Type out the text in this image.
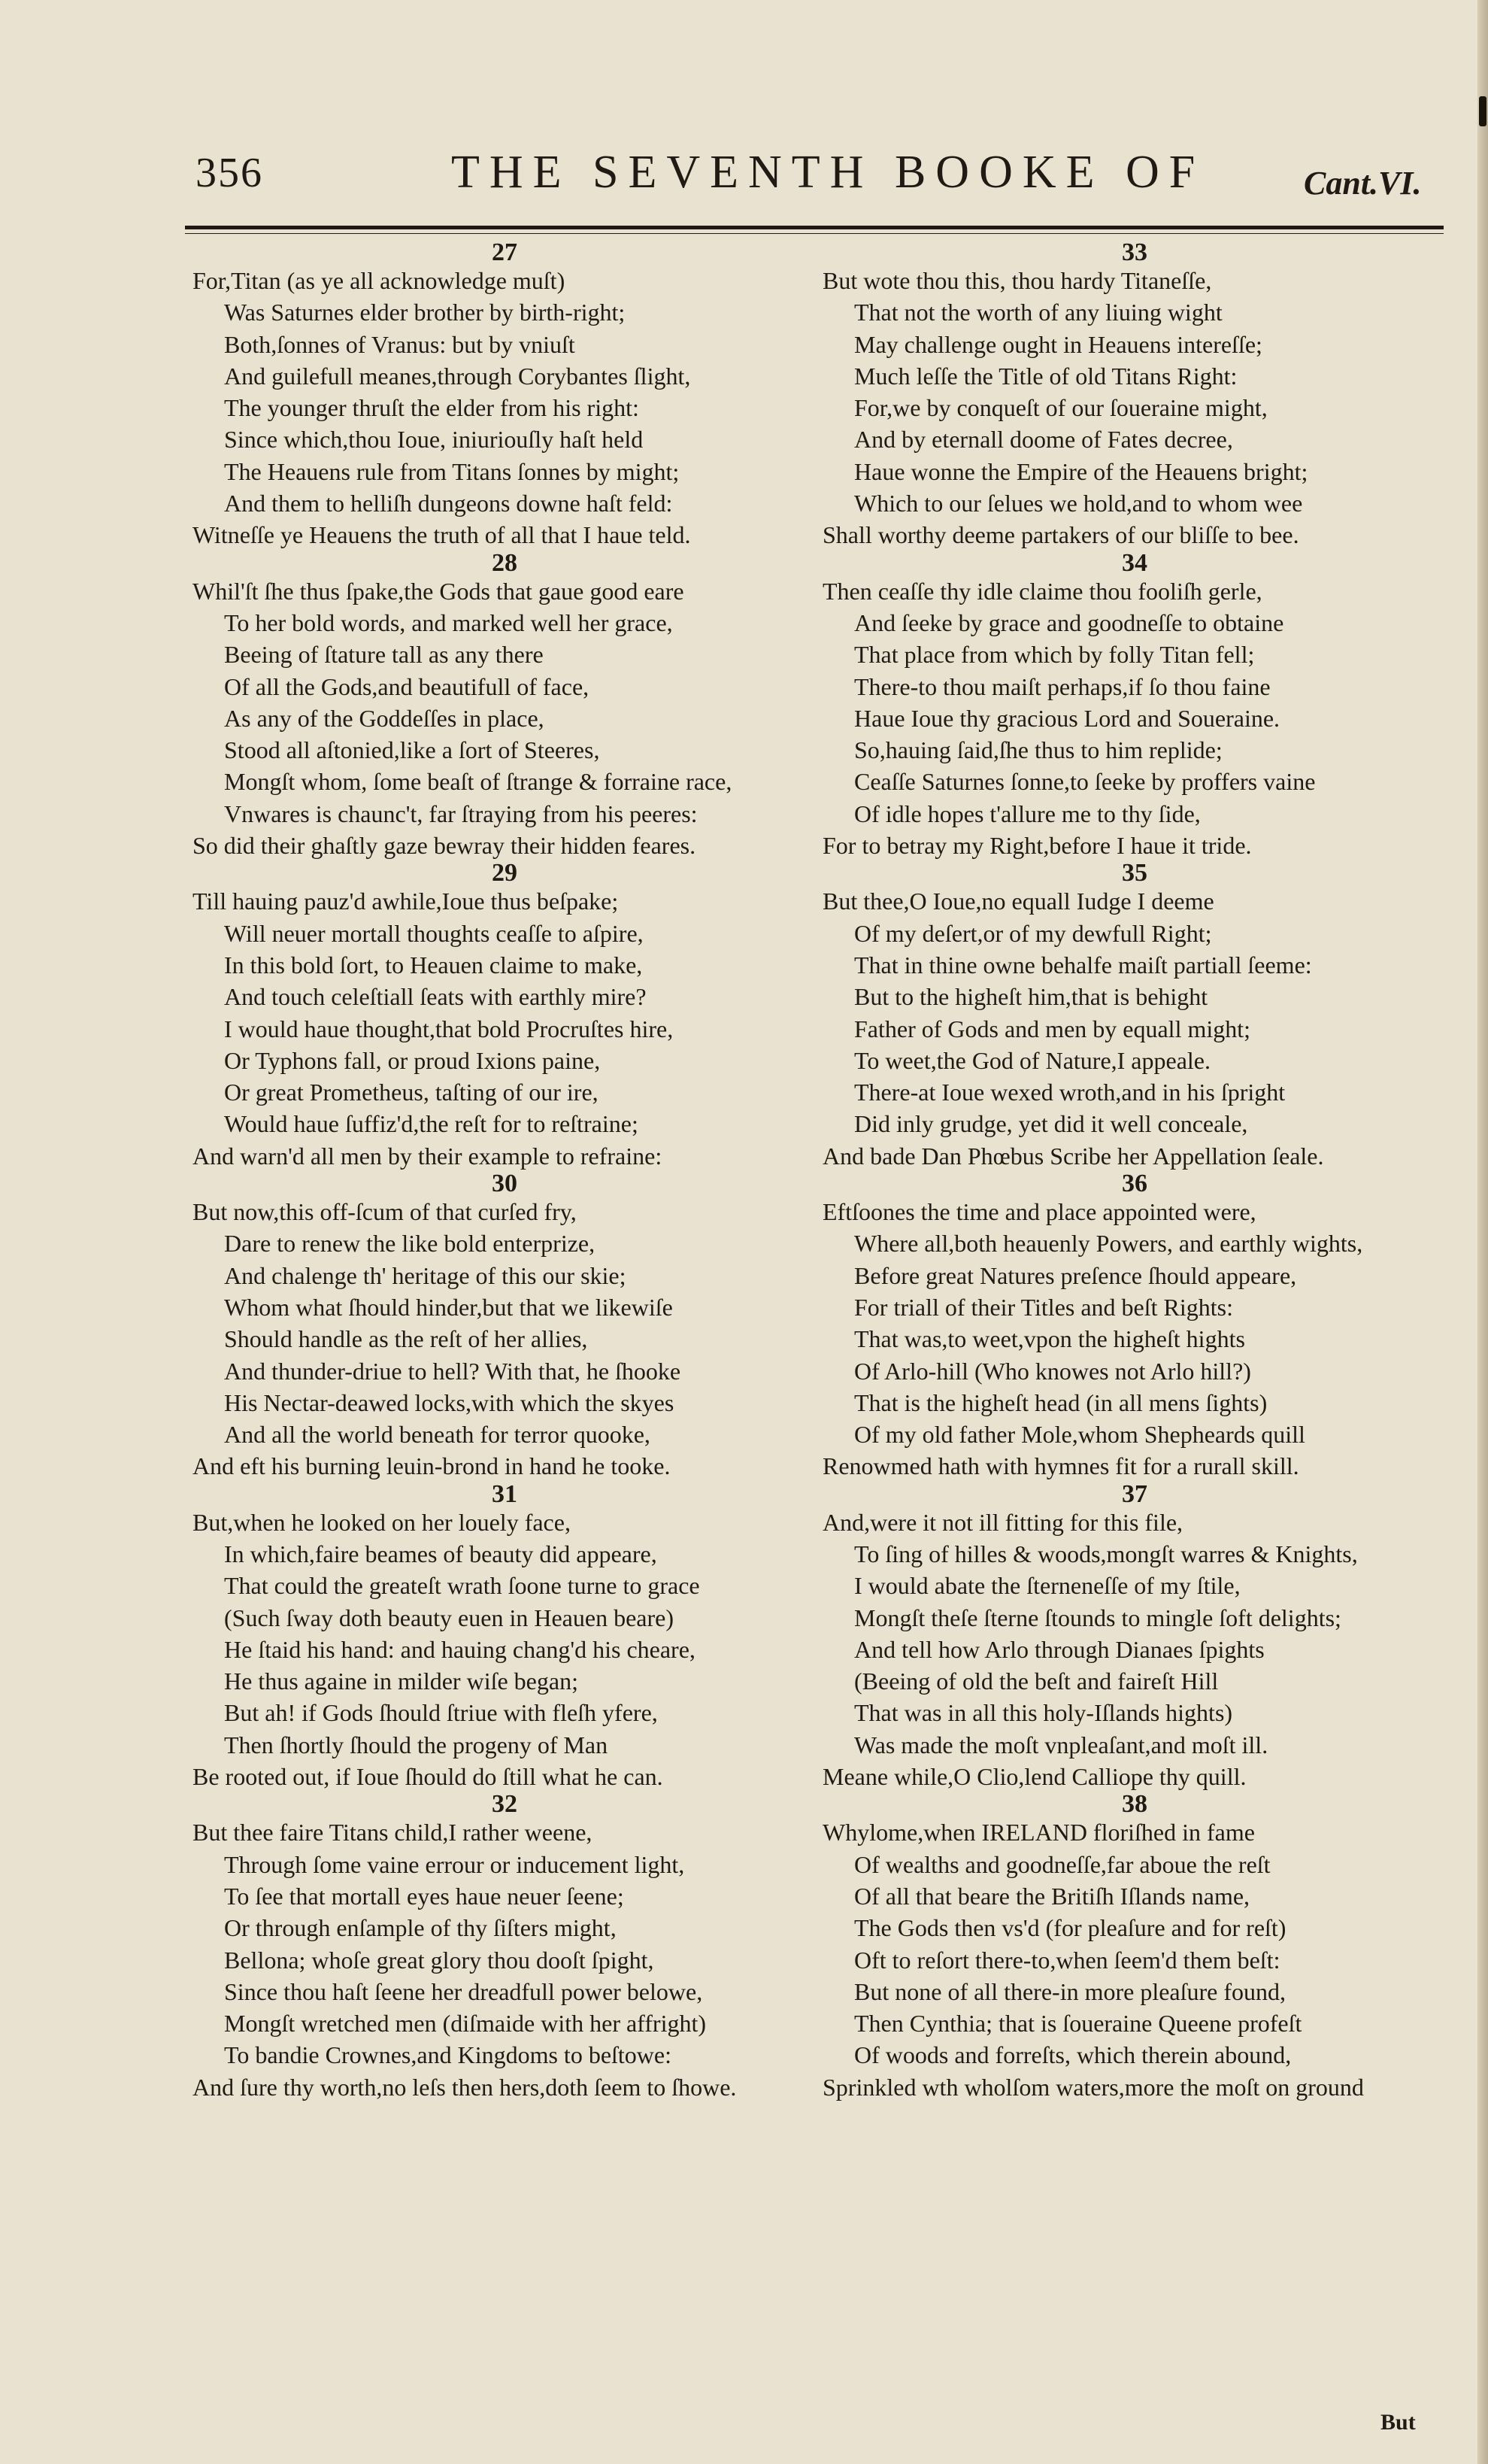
356	THE SEVENTH BOOKE OF	Cant.VI.
27
For,Titan (as ye all acknowledge muſt)
Was Saturnes elder brother by birth-right;
Both,ſonnes of Vranus: but by vniuſt
And guilefull meanes,through Corybantes ſlight,
The younger thruſt the elder from his right:
Since which,thou Ioue, iniuriouſly haſt held
The Heauens rule from Titans ſonnes by might;
And them to helliſh dungeons downe haſt feld:
Witneſſe ye Heauens the truth of all that I haue teld.
28
Whil'ſt ſhe thus ſpake,the Gods that gaue good eare
To her bold words, and marked well her grace,
Beeing of ſtature tall as any there
Of all the Gods,and beautifull of face,
As any of the Goddeſſes in place,
Stood all aſtonied,like a ſort of Steeres,
Mongſt whom, ſome beaſt of ſtrange & forraine race,
Vnwares is chaunc't, far ſtraying from his peeres:
So did their ghaſtly gaze bewray their hidden feares.
29
Till hauing pauz'd awhile,Ioue thus beſpake;
Will neuer mortall thoughts ceaſſe to aſpire,
In this bold ſort, to Heauen claime to make,
And touch celeſtiall ſeats with earthly mire?
I would haue thought,that bold Procruſtes hire,
Or Typhons fall, or proud Ixions paine,
Or great Prometheus, taſting of our ire,
Would haue ſuffiz'd,the reſt for to reſtraine;
And warn'd all men by their example to refraine:
30
But now,this off-ſcum of that curſed fry,
Dare to renew the like bold enterprize,
And chalenge th' heritage of this our skie;
Whom what ſhould hinder,but that we likewiſe
Should handle as the reſt of her allies,
And thunder-driue to hell? With that, he ſhooke
His Nectar-deawed locks,with which the skyes
And all the world beneath for terror quooke,
And eft his burning leuin-brond in hand he tooke.
31
But,when he looked on her louely face,
In which,faire beames of beauty did appeare,
That could the greateſt wrath ſoone turne to grace
(Such ſway doth beauty euen in Heauen beare)
He ſtaid his hand: and hauing chang'd his cheare,
He thus againe in milder wiſe began;
But ah! if Gods ſhould ſtriue with fleſh yfere,
Then ſhortly ſhould the progeny of Man
Be rooted out, if Ioue ſhould do ſtill what he can.
32
But thee faire Titans child,I rather weene,
Through ſome vaine errour or inducement light,
To ſee that mortall eyes haue neuer ſeene;
Or through enſample of thy ſiſters might,
Bellona; whoſe great glory thou dooſt ſpight,
Since thou haſt ſeene her dreadfull power belowe,
Mongſt wretched men (diſmaide with her affright)
To bandie Crownes,and Kingdoms to beſtowe:
And ſure thy worth,no leſs then hers,doth ſeem to ſhowe.
33
But wote thou this, thou hardy Titaneſſe,
That not the worth of any liuing wight
May challenge ought in Heauens intereſſe;
Much leſſe the Title of old Titans Right:
For,we by conqueſt of our ſoueraine might,
And by eternall doome of Fates decree,
Haue wonne the Empire of the Heauens bright;
Which to our ſelues we hold,and to whom wee
Shall worthy deeme partakers of our bliſſe to bee.
34
Then ceaſſe thy idle claime thou fooliſh gerle,
And ſeeke by grace and goodneſſe to obtaine
That place from which by folly Titan fell;
There-to thou maiſt perhaps,if ſo thou faine
Haue Ioue thy gracious Lord and Soueraine.
So,hauing ſaid,ſhe thus to him replide;
Ceaſſe Saturnes ſonne,to ſeeke by proffers vaine
Of idle hopes t'allure me to thy ſide,
For to betray my Right,before I haue it tride.
35
But thee,O Ioue,no equall Iudge I deeme
Of my deſert,or of my dewfull Right;
That in thine owne behalfe maiſt partiall ſeeme:
But to the higheſt him,that is behight
Father of Gods and men by equall might;
To weet,the God of Nature,I appeale.
There-at Ioue wexed wroth,and in his ſpright
Did inly grudge, yet did it well conceale,
And bade Dan Phœbus Scribe her Appellation ſeale.
36
Eftſoones the time and place appointed were,
Where all,both heauenly Powers, and earthly wights,
Before great Natures preſence ſhould appeare,
For triall of their Titles and beſt Rights:
That was,to weet,vpon the higheſt hights
Of Arlo-hill (Who knowes not Arlo hill?)
That is the higheſt head (in all mens ſights)
Of my old father Mole,whom Shepheards quill
Renowmed hath with hymnes fit for a rurall skill.
37
And,were it not ill fitting for this file,
To ſing of hilles & woods,mongſt warres & Knights,
I would abate the ſterneneſſe of my ſtile,
Mongſt theſe ſterne ſtounds to mingle ſoft delights;
And tell how Arlo through Dianaes ſpights
(Beeing of old the beſt and faireſt Hill
That was in all this holy-Iſlands hights)
Was made the moſt vnpleaſant,and moſt ill.
Meane while,O Clio,lend Calliope thy quill.
38
Whylome,when IRELAND floriſhed in fame
Of wealths and goodneſſe,far aboue the reſt
Of all that beare the Britiſh Iſlands name,
The Gods then vs'd (for pleaſure and for reſt)
Oft to reſort there-to,when ſeem'd them beſt:
But none of all there-in more pleaſure found,
Then Cynthia; that is ſoueraine Queene profeſt
Of woods and forreſts, which therein abound,
Sprinkled wth wholſom waters,more the moſt on ground
But
